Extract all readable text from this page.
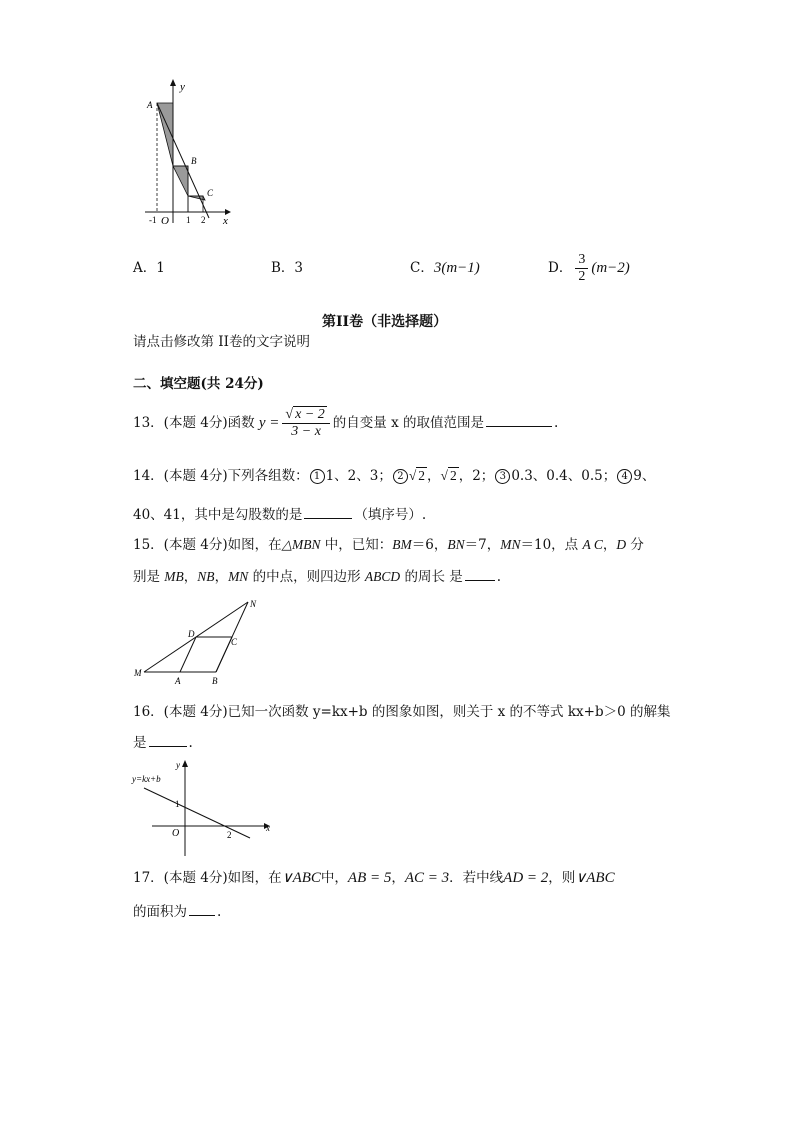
y
A
B
C
-1 O 1 2 x
A．1	B．3	C．3(m−1)	D． $\frac{3}{2} (m-2)$
第II卷（非选择题）
请点击修改第 II卷的文字说明
二、填空题(共 24分)
13．(本题 4分)函数 $y = \frac{√ x - 2}{3 - x}$ 的自变量 x 的取值范围是	.
14．(本题 4分)下列各组数： 1 1、2、3； 2 √ 2 ，√ 2 ，2； 3 0.3、0.4、0.5； 4 9、
40、41，其中是勾股数的是	（填序号）.
15．(本题 4分)如图，在△MBN 中，已知：BM＝6，BN＝7，MN＝10，点 A C，D 分
别是 MB，NB，MN 的中点，则四边形 ABCD 的周长 是	.
N
D
C
M
A	B
16．(本题 4分)已知一次函数 y=kx+b 的图象如图，则关于 x 的不等式 kx+b＞0 的解集
是	.
y=kx+b
y
x
1
O	2
17．(本题 4分)如图，在∨ABC中，AB = 5，AC = 3．若中线AD = 2，则∨ABC
的面积为 .
